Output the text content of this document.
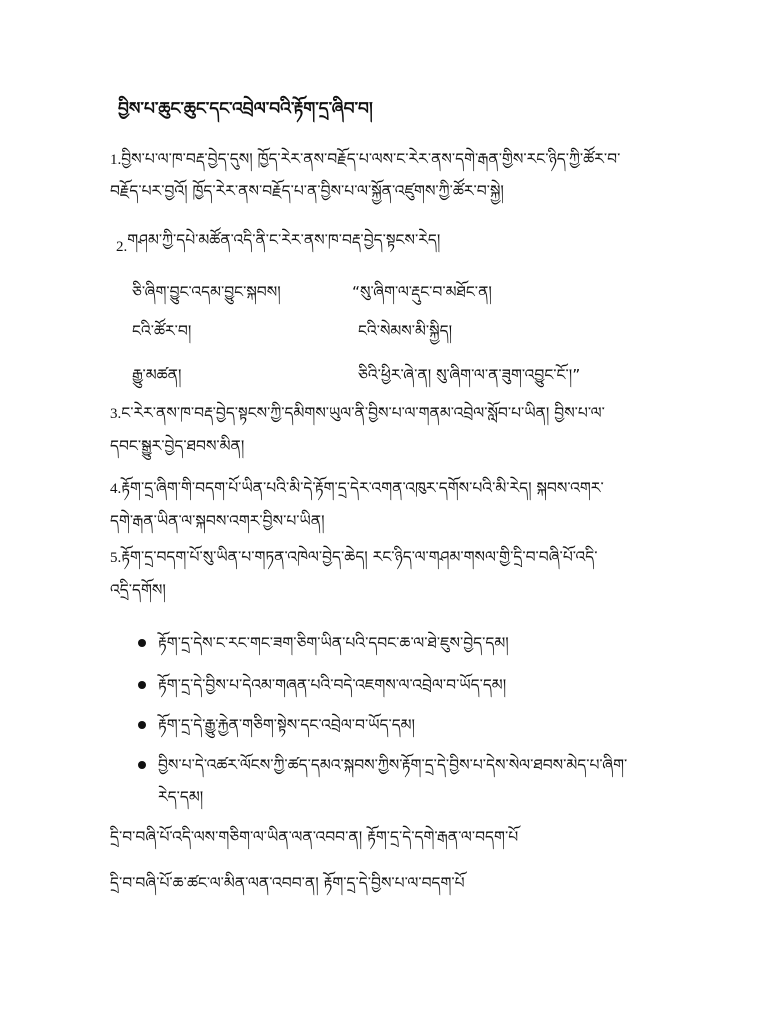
བྱིས་པ་ཆུང་ཆུང་དང་འབྲེལ་བའི་རྟོག་དྲ་ཞིབ་བ།
1.བྱིས་པ་ལ་ཁ་བརྡ་བྱེད་དུས། ཁྱོད་རེར་ནས་བརྗོད་པ་ལས་ང་རེར་ནས་དགེ་རྒན་གྱིས་རང་ཉིད་ཀྱི་ཚོར་བ་
བརྗོད་པར་བྱའོ། ཁྱོད་རེར་ནས་བརྗོད་པ་ན་བྱིས་པ་ལ་སྐྱོན་འཛུགས་ཀྱི་ཚོར་བ་སྐྱེ།
2.གཤམ་ཀྱི་དཔེ་མཚོན་འདི་ནི་ང་རེར་ནས་ཁ་བརྡ་བྱེད་སྟངས་རེད།
ཅི་ཞིག་བྱུང་འདམ་བྱུང་སྐབས།	“སུ་ཞིག་ལ་རྡུང་བ་མཐོང་ན།
ངའི་ཚོར་བ།	ངའི་སེམས་མི་སྐྱིད།
རྒྱུ་མཚན།	ཅིའི་ཕྱིར་ཞེ་ན། སུ་ཞིག་ལ་ན་ཟུག་འབྱུང་ངོ་།”
3.ང་རེར་ནས་ཁ་བརྡ་བྱེད་སྟངས་ཀྱི་དམིགས་ཡུལ་ནི་བྱིས་པ་ལ་གནམ་འབྲེལ་སློབ་པ་ཡིན། བྱིས་པ་ལ་
དབང་སྒྱུར་བྱེད་ཐབས་མིན།
4.རྟོག་དྲ་ཞིག་གི་བདག་པོ་ཡིན་པའི་མི་དེ་རྟོག་དྲ་དེར་འགན་འཁུར་དགོས་པའི་མི་རེད། སྐབས་འགར་
དགེ་རྒན་ཡིན་ལ་སྐབས་འགར་བྱིས་པ་ཡིན།
5.རྟོག་དྲ་བདག་པོ་སུ་ཡིན་པ་གཏན་འཁེལ་བྱེད་ཆེད། རང་ཉིད་ལ་གཤམ་གསལ་གྱི་དྲི་བ་བཞི་པོ་འདི་
འདྲི་དགོས།
རྟོག་དྲ་དེས་ང་རང་གང་ཟག་ཅིག་ཡིན་པའི་དབང་ཆ་ལ་ཐེ་ཇུས་བྱེད་དམ།
རྟོག་དྲ་དེ་བྱིས་པ་དེའམ་གཞན་པའི་བདེ་འཇགས་ལ་འབྲེལ་བ་ཡོད་དམ།
རྟོག་དྲ་དེ་རྒྱུ་རྐྱེན་གཅིག་སྟེས་དང་འབྲེལ་བ་ཡོད་དམ།
བྱིས་པ་དེ་འཚར་ལོངས་ཀྱི་ཚད་དམའ་སྐབས་ཀྱིས་རྟོག་དྲ་དེ་བྱིས་པ་དེས་སེལ་ཐབས་མེད་པ་ཞིག་
རེད་དམ།
དྲི་བ་བཞི་པོ་འདི་ལས་གཅིག་ལ་ཡིན་ལན་འབབ་ན། རྟོག་དྲ་དེ་དགེ་རྒན་ལ་བདག་པོ
དྲི་བ་བཞི་པོ་ཆ་ཚང་ལ་མིན་ལན་འབབ་ན། རྟོག་དྲ་དེ་བྱིས་པ་ལ་བདག་པོ
